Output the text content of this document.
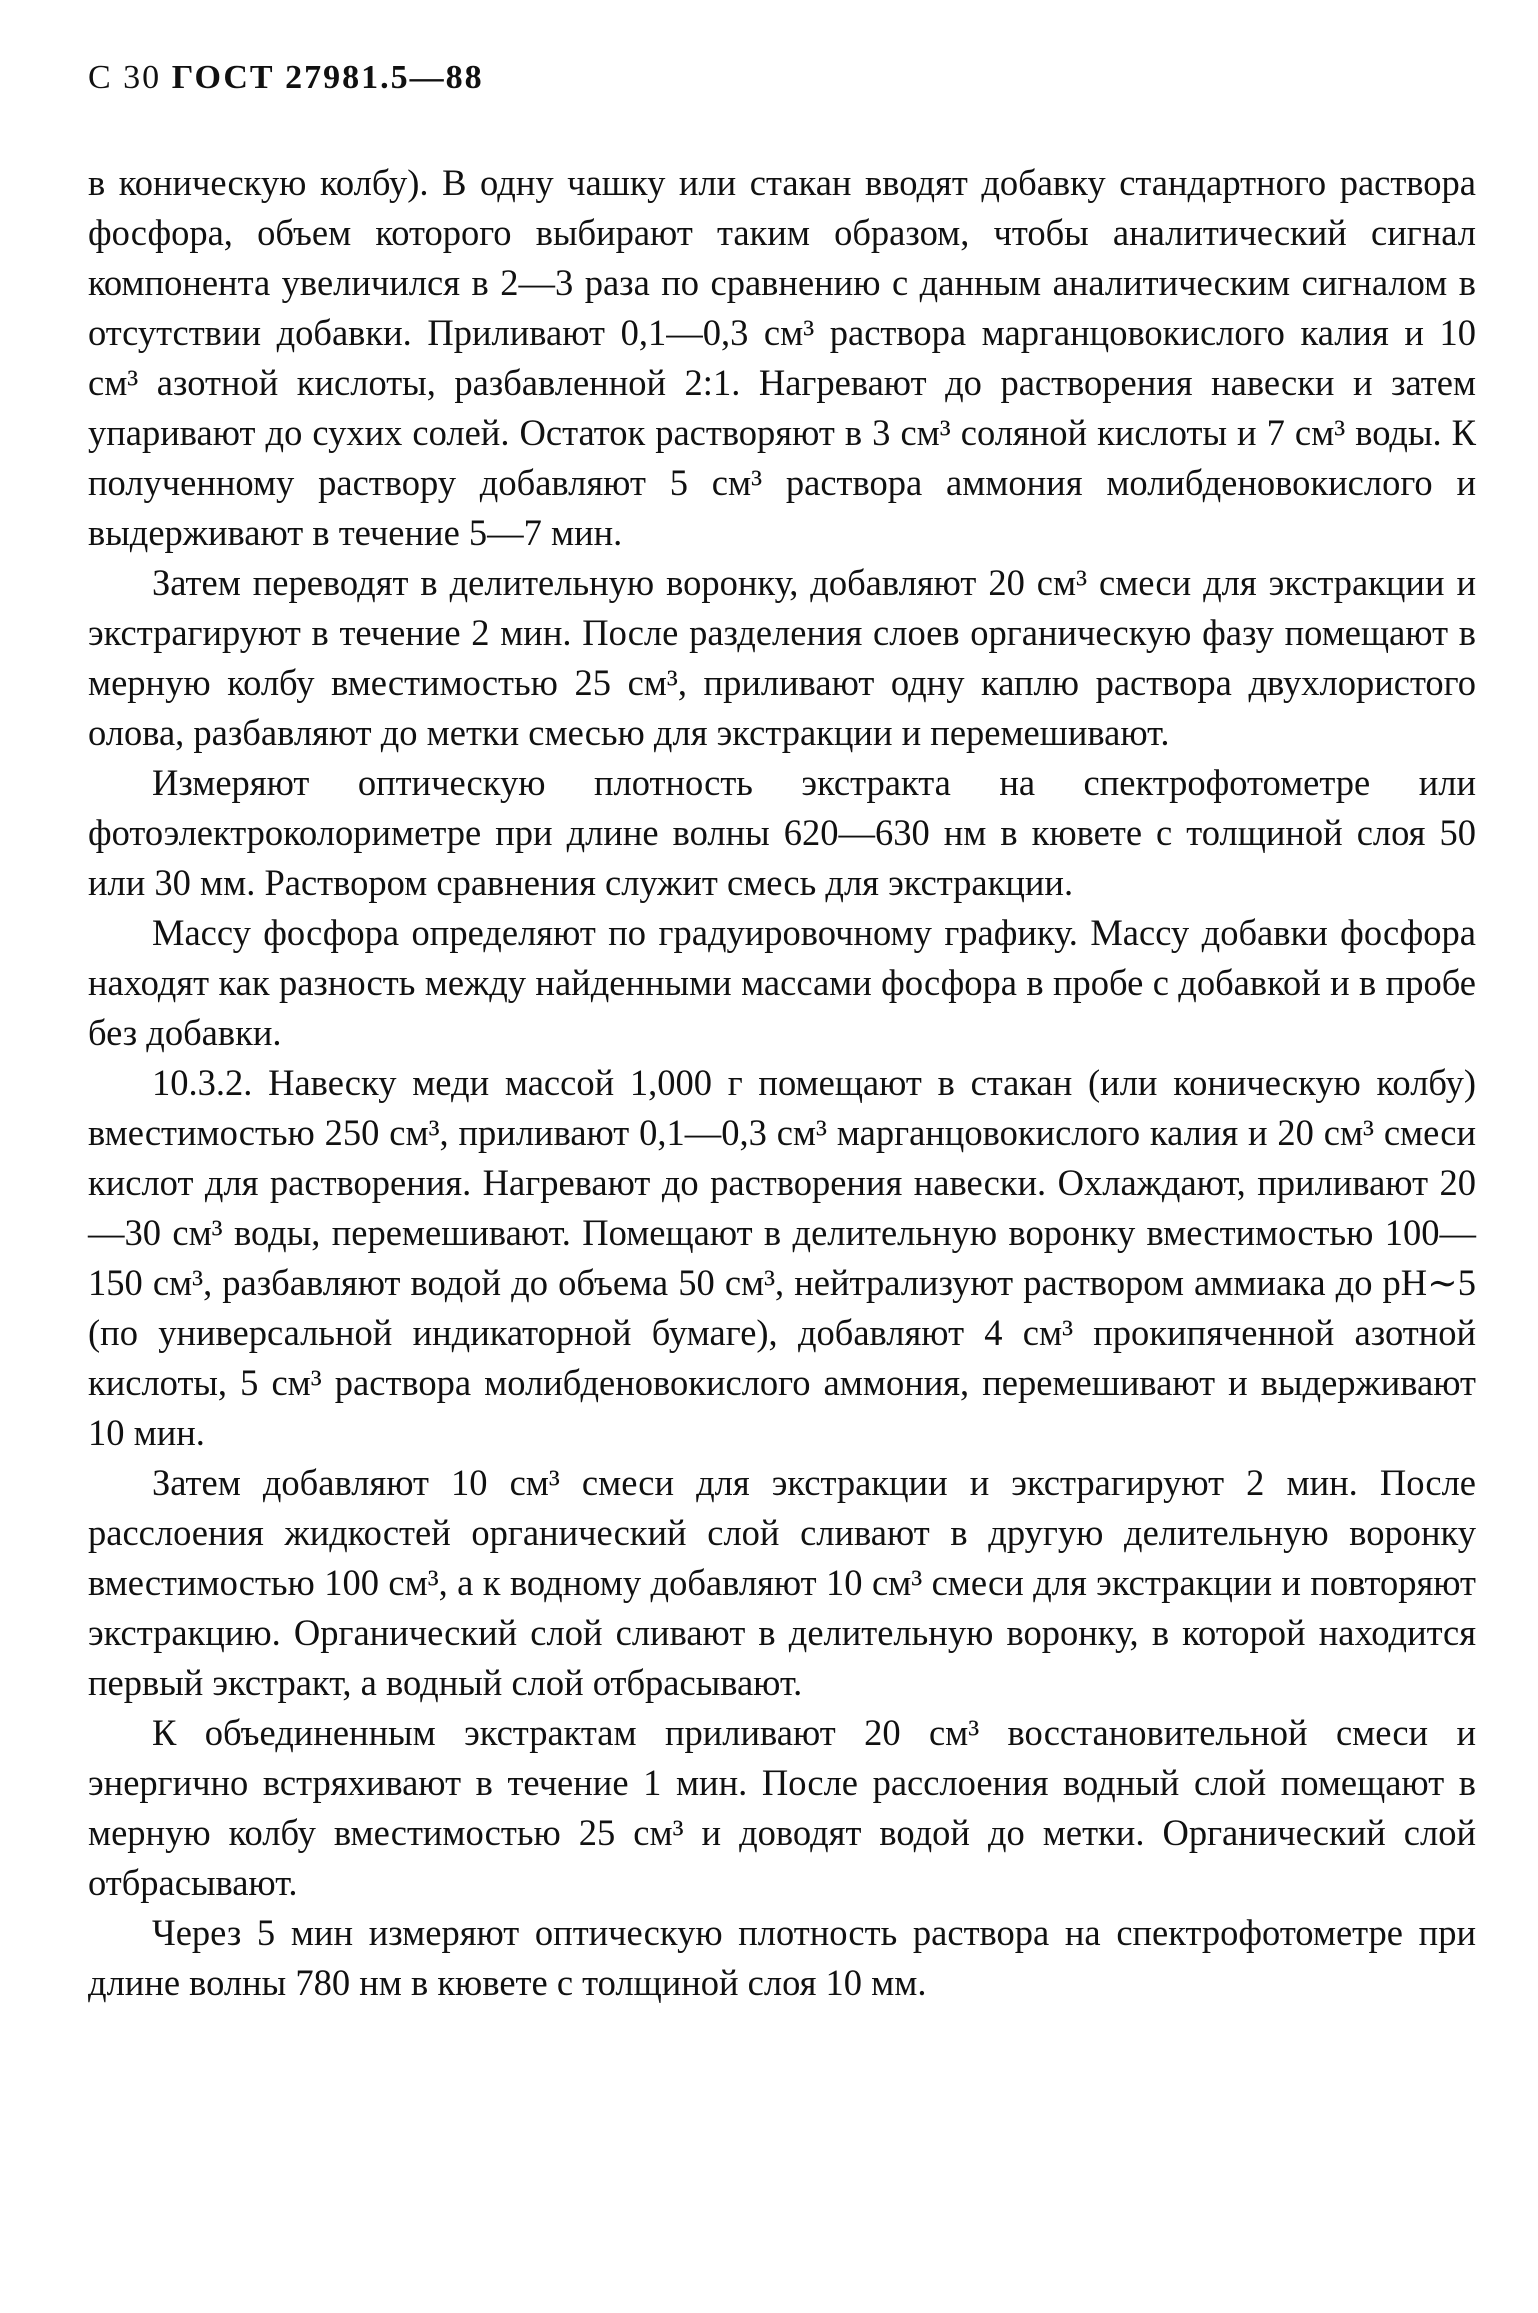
С 30 ГОСТ 27981.5—88

в коническую колбу). В одну чашку или стакан вводят добавку стандартного раствора фосфора, объем которого выбирают таким образом, чтобы аналитический сигнал компонента увеличился в 2—3 раза по сравнению с данным аналитическим сигналом в отсутствии добавки. Приливают 0,1—0,3 см³ раствора марганцовокислого калия и 10 см³ азотной кислоты, разбавленной 2:1. Нагревают до растворения навески и затем упаривают до сухих солей. Остаток растворяют в 3 см³ соляной кислоты и 7 см³ воды. К полученному раствору добавляют 5 см³ раствора аммония молибденовокислого и выдерживают в течение 5—7 мин.

Затем переводят в делительную воронку, добавляют 20 см³ смеси для экстракции и экстрагируют в течение 2 мин. После разделения слоев органическую фазу помещают в мерную колбу вместимостью 25 см³, приливают одну каплю раствора двухлористого олова, разбавляют до метки смесью для экстракции и перемешивают.

Измеряют оптическую плотность экстракта на спектрофотометре или фотоэлектроколориметре при длине волны 620—630 нм в кювете с толщиной слоя 50 или 30 мм. Раствором сравнения служит смесь для экстракции.

Массу фосфора определяют по градуировочному графику. Массу добавки фосфора находят как разность между найденными массами фосфора в пробе с добавкой и в пробе без добавки.

10.3.2. Навеску меди массой 1,000 г помещают в стакан (или коническую колбу) вместимостью 250 см³, приливают 0,1—0,3 см³ марганцовокислого калия и 20 см³ смеси кислот для растворения. Нагревают до растворения навески. Охлаждают, приливают 20—30 см³ воды, перемешивают. Помещают в делительную воронку вместимостью 100—150 см³, разбавляют водой до объема 50 см³, нейтрализуют раствором аммиака до pH∼5 (по универсальной индикаторной бумаге), добавляют 4 см³ прокипяченной азотной кислоты, 5 см³ раствора молибденовокислого аммония, перемешивают и выдерживают 10 мин.

Затем добавляют 10 см³ смеси для экстракции и экстрагируют 2 мин. После расслоения жидкостей органический слой сливают в другую делительную воронку вместимостью 100 см³, а к водному добавляют 10 см³ смеси для экстракции и повторяют экстракцию. Органический слой сливают в делительную воронку, в которой находится первый экстракт, а водный слой отбрасывают.

К объединенным экстрактам приливают 20 см³ восстановительной смеси и энергично встряхивают в течение 1 мин. После расслоения водный слой помещают в мерную колбу вместимостью 25 см³ и доводят водой до метки. Органический слой отбрасывают.

Через 5 мин измеряют оптическую плотность раствора на спектрофотометре при длине волны 780 нм в кювете с толщиной слоя 10 мм.
